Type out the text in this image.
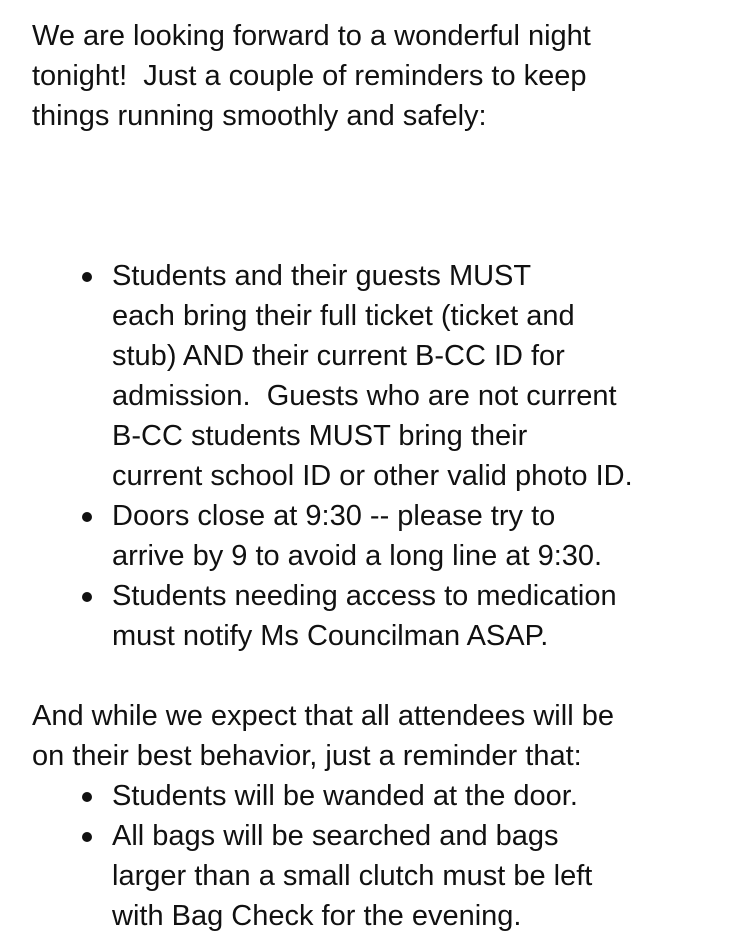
We are looking forward to a wonderful night
tonight!  Just a couple of reminders to keep
things running smoothly and safely:

Students and their guests MUST
each bring their full ticket (ticket and
stub) AND their current B-CC ID for
admission.  Guests who are not current
B-CC students MUST bring their
current school ID or other valid photo ID.
Doors close at 9:30 -- please try to
arrive by 9 to avoid a long line at 9:30.
Students needing access to medication
must notify Ms Councilman ASAP.

And while we expect that all attendees will be
on their best behavior, just a reminder that:

Students will be wanded at the door.
All bags will be searched and bags
larger than a small clutch must be left
with Bag Check for the evening.
